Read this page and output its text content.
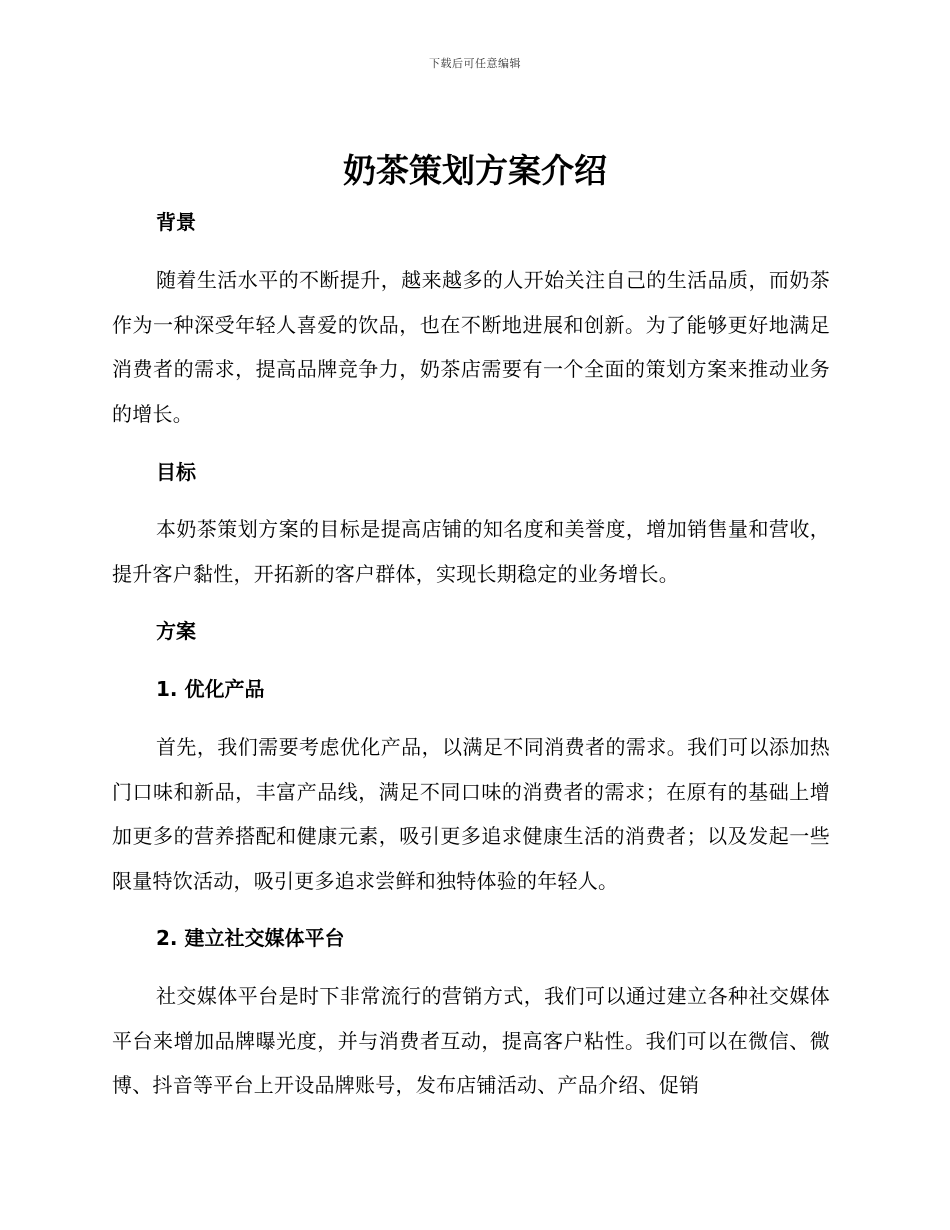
下载后可任意编辑
奶茶策划方案介绍
背景

随着生活水平的不断提升，越来越多的人开始关注自己的生活品质，而奶茶作为一种深受年轻人喜爱的饮品，也在不断地进展和创新。为了能够更好地满足消费者的需求，提高品牌竞争力，奶茶店需要有一个全面的策划方案来推动业务的增长。

目标

本奶茶策划方案的目标是提高店铺的知名度和美誉度，增加销售量和营收，提升客户黏性，开拓新的客户群体，实现长期稳定的业务增长。

方案
1. 优化产品

首先，我们需要考虑优化产品，以满足不同消费者的需求。我们可以添加热门口味和新品，丰富产品线，满足不同口味的消费者的需求；在原有的基础上增加更多的营养搭配和健康元素，吸引更多追求健康生活的消费者；以及发起一些限量特饮活动，吸引更多追求尝鲜和独特体验的年轻人。

2. 建立社交媒体平台

社交媒体平台是时下非常流行的营销方式，我们可以通过建立各种社交媒体平台来增加品牌曝光度，并与消费者互动，提高客户粘性。我们可以在微信、微博、抖音等平台上开设品牌账号，发布店铺活动、产品介绍、促销
